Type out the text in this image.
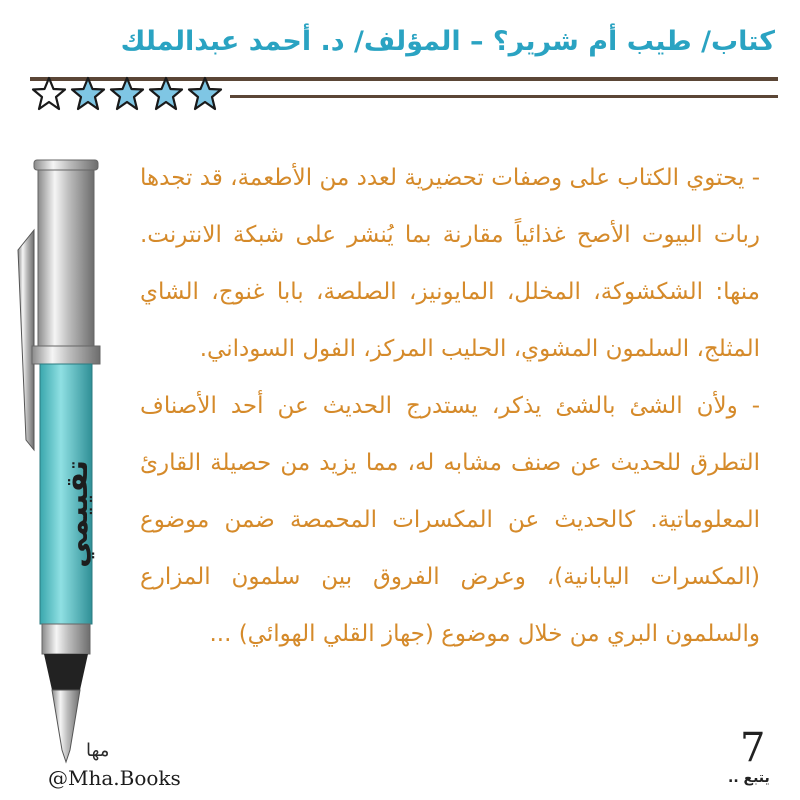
كتاب/ طيب أم شرير؟ – المؤلف/ د. أحمد عبدالملك
تقييمي

- يحتوي الكتاب على وصفات تحضيرية لعدد من الأطعمة، قد تجدها ربات البيوت الأصح غذائياً مقارنة بما يُنشر على شبكة الانترنت. منها: الشكشوكة، المخلل، المايونيز، الصلصة، بابا غنوج، الشاي المثلج، السلمون المشوي، الحليب المركز، الفول السوداني.

- ولأن الشئ بالشئ يذكر، يستدرج الحديث عن أحد الأصناف التطرق للحديث عن صنف مشابه له، مما يزيد من حصيلة القارئ المعلوماتية. كالحديث عن المكسرات المحمصة ضمن موضوع (المكسرات اليابانية)، وعرض الفروق بين سلمون المزارع والسلمون البري من خلال موضوع (جهاز القلي الهوائي) ...

7
يتبع ..
مها
@Mha.Books
